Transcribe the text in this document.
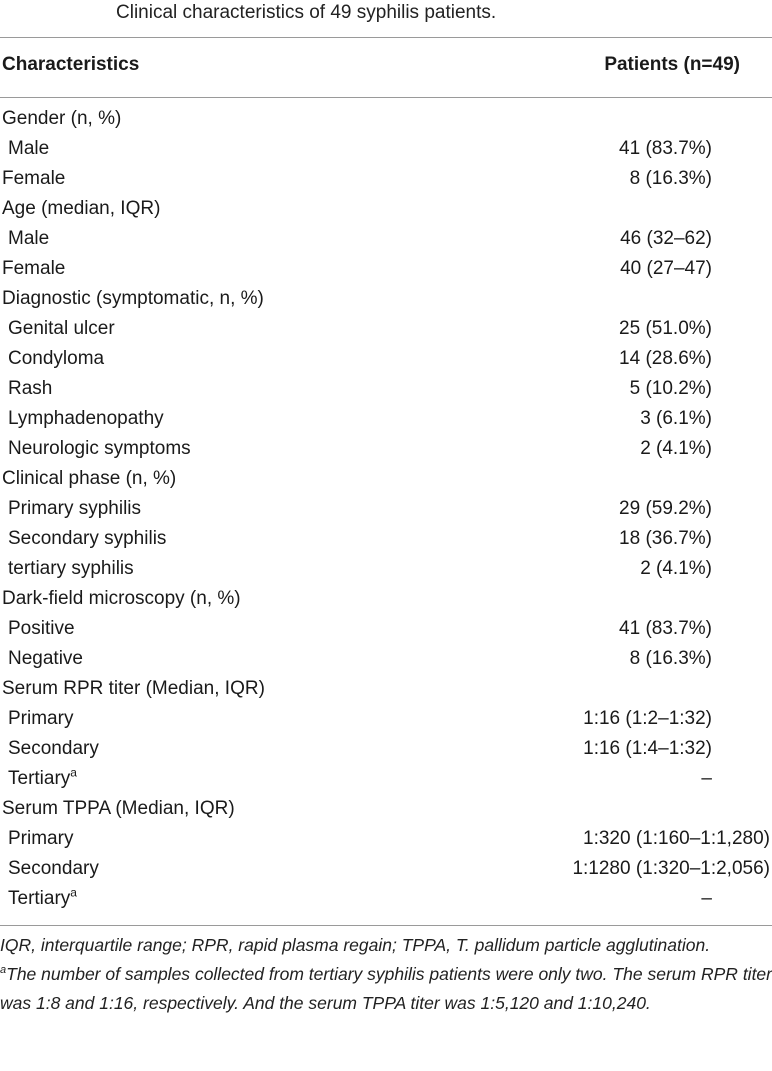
Clinical characteristics of 49 syphilis patients.
Characteristics	Patients (n=49)
Gender (n, %)
Male	41 (83.7%)
Female	8 (16.3%)
Age (median, IQR)
Male	46 (32–62)
Female	40 (27–47)
Diagnostic (symptomatic, n, %)
Genital ulcer	25 (51.0%)
Condyloma	14 (28.6%)
Rash	5 (10.2%)
Lymphadenopathy	3 (6.1%)
Neurologic symptoms	2 (4.1%)
Clinical phase (n, %)
Primary syphilis	29 (59.2%)
Secondary syphilis	18 (36.7%)
tertiary syphilis	2 (4.1%)
Dark-field microscopy (n, %)
Positive	41 (83.7%)
Negative	8 (16.3%)
Serum RPR titer (Median, IQR)
Primary	1:16 (1:2–1:32)
Secondary	1:16 (1:4–1:32)
Tertiary$^a$	–
Serum TPPA (Median, IQR)
Primary	1:320 (1:160–1:1,280)
Secondary	1:1280 (1:320–1:2,056)
Tertiary$^a$	–

IQR, interquartile range; RPR, rapid plasma regain; TPPA, T. pallidum particle agglutination.

$^a$The number of samples collected from tertiary syphilis patients were only two. The serum RPR titer was 1:8 and 1:16, respectively. And the serum TPPA titer was 1:5,120 and 1:10,240.
